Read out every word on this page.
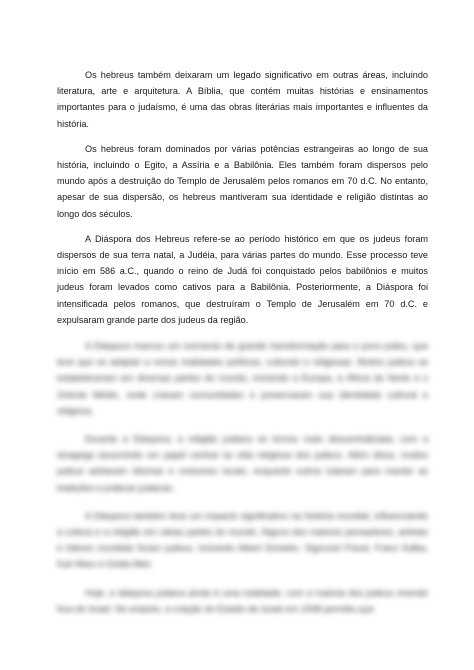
Os hebreus também deixaram um legado significativo em outras áreas, incluindo literatura, arte e arquitetura. A Bíblia, que contém muitas histórias e ensinamentos importantes para o judaísmo, é uma das obras literárias mais importantes e influentes da história.

Os hebreus foram dominados por várias potências estrangeiras ao longo de sua história, incluindo o Egito, a Assíria e a Babilônia. Eles também foram dispersos pelo mundo após a destruição do Templo de Jerusalém pelos romanos em 70 d.C. No entanto, apesar de sua dispersão, os hebreus mantiveram sua identidade e religião distintas ao longo dos séculos.

A Diáspora dos Hebreus refere-se ao período histórico em que os judeus foram dispersos de sua terra natal, a Judéia, para várias partes do mundo. Esse processo teve início em 586 a.C., quando o reino de Judá foi conquistado pelos babilônios e muitos judeus foram levados como cativos para a Babilônia. Posteriormente, a Diáspora foi intensificada pelos romanos, que destruíram o Templo de Jerusalém em 70 d.C. e expulsaram grande parte dos judeus da região.

A Diáspora marcou um momento de grande transformação para o povo judeu, que teve que se adaptar a novas realidades políticas, culturais e religiosas. Muitos judeus se estabeleceram em diversas partes do mundo, incluindo a Europa, a África do Norte e o Oriente Médio, onde criaram comunidades e preservaram sua identidade cultural e religiosa.

Durante a Diáspora, a religião judaica se tornou mais descentralizada, com a sinagoga assumindo um papel central na vida religiosa dos judeus. Além disso, muitos judeus adotaram idiomas e costumes locais, enquanto outros lutaram para manter as tradições e práticas judaicas.

A Diáspora também teve um impacto significativo na história mundial, influenciando a cultura e a religião em várias partes do mundo. Alguns dos maiores pensadores, artistas e líderes mundiais foram judeus, incluindo Albert Einstein, Sigmund Freud, Franz Kafka, Karl Marx e Golda Meir.

Hoje, a diáspora judaica ainda é uma realidade, com a maioria dos judeus vivendo fora de Israel. No entanto, a criação do Estado de Israel em 1948 permitiu que
